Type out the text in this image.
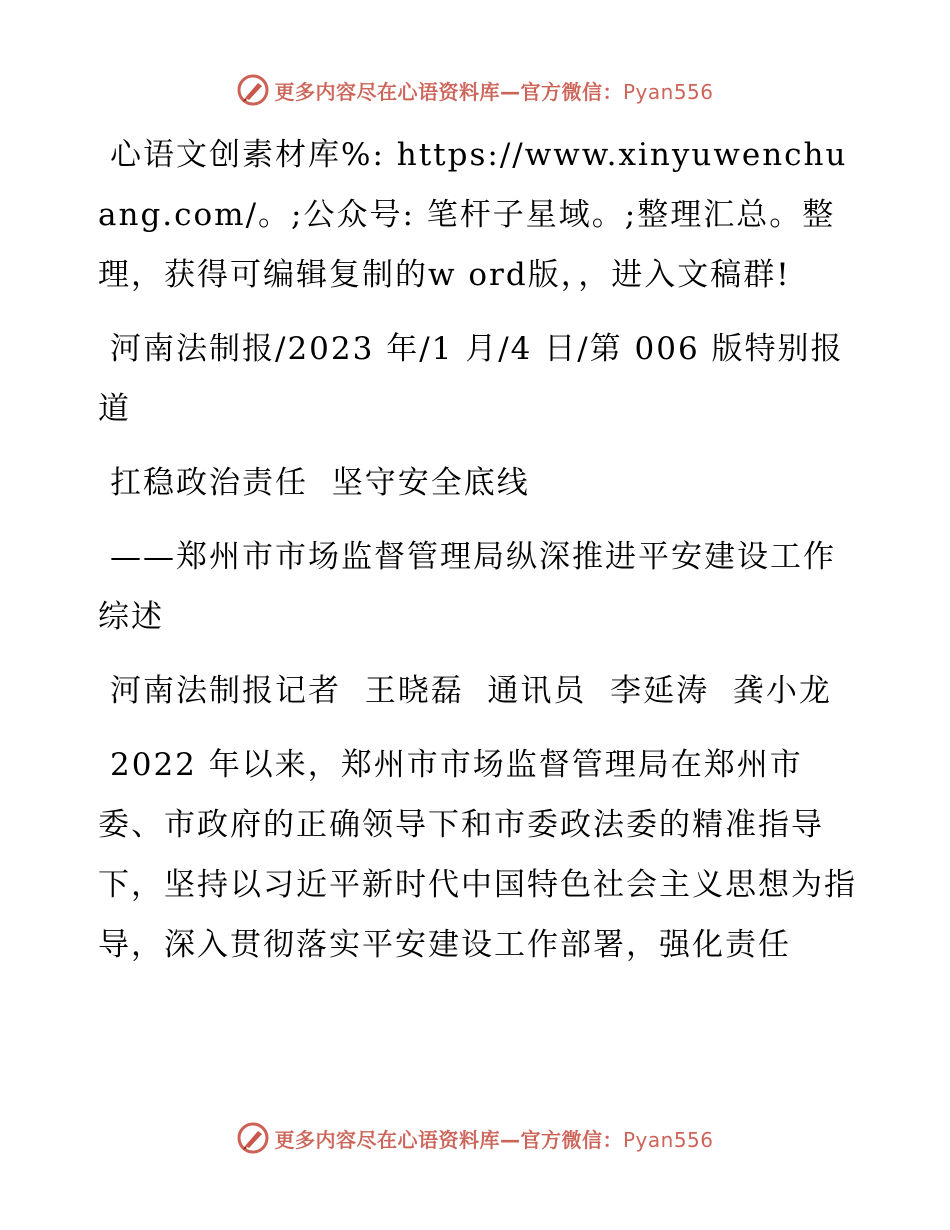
更多内容尽在心语资料库—官方微信：Pyan556

心语文创素材库%: https://www.xinyuwenchuang.com/。;公众号: 笔杆子星域。;整理汇总。整理，获得可编辑复制的w ord版，，进入文稿群!

河南法制报/2023 年/1 月/4 日/第 006 版特别报道

扛稳政治责任  坚守安全底线

——郑州市市场监督管理局纵深推进平安建设工作综述

河南法制报记者  王晓磊  通讯员  李延涛  龚小龙

2022 年以来，郑州市市场监督管理局在郑州市委、市政府的正确领导下和市委政法委的精准指导下，坚持以习近平新时代中国特色社会主义思想为指导，深入贯彻落实平安建设工作部署，强化责任

更多内容尽在心语资料库—官方微信：Pyan556
